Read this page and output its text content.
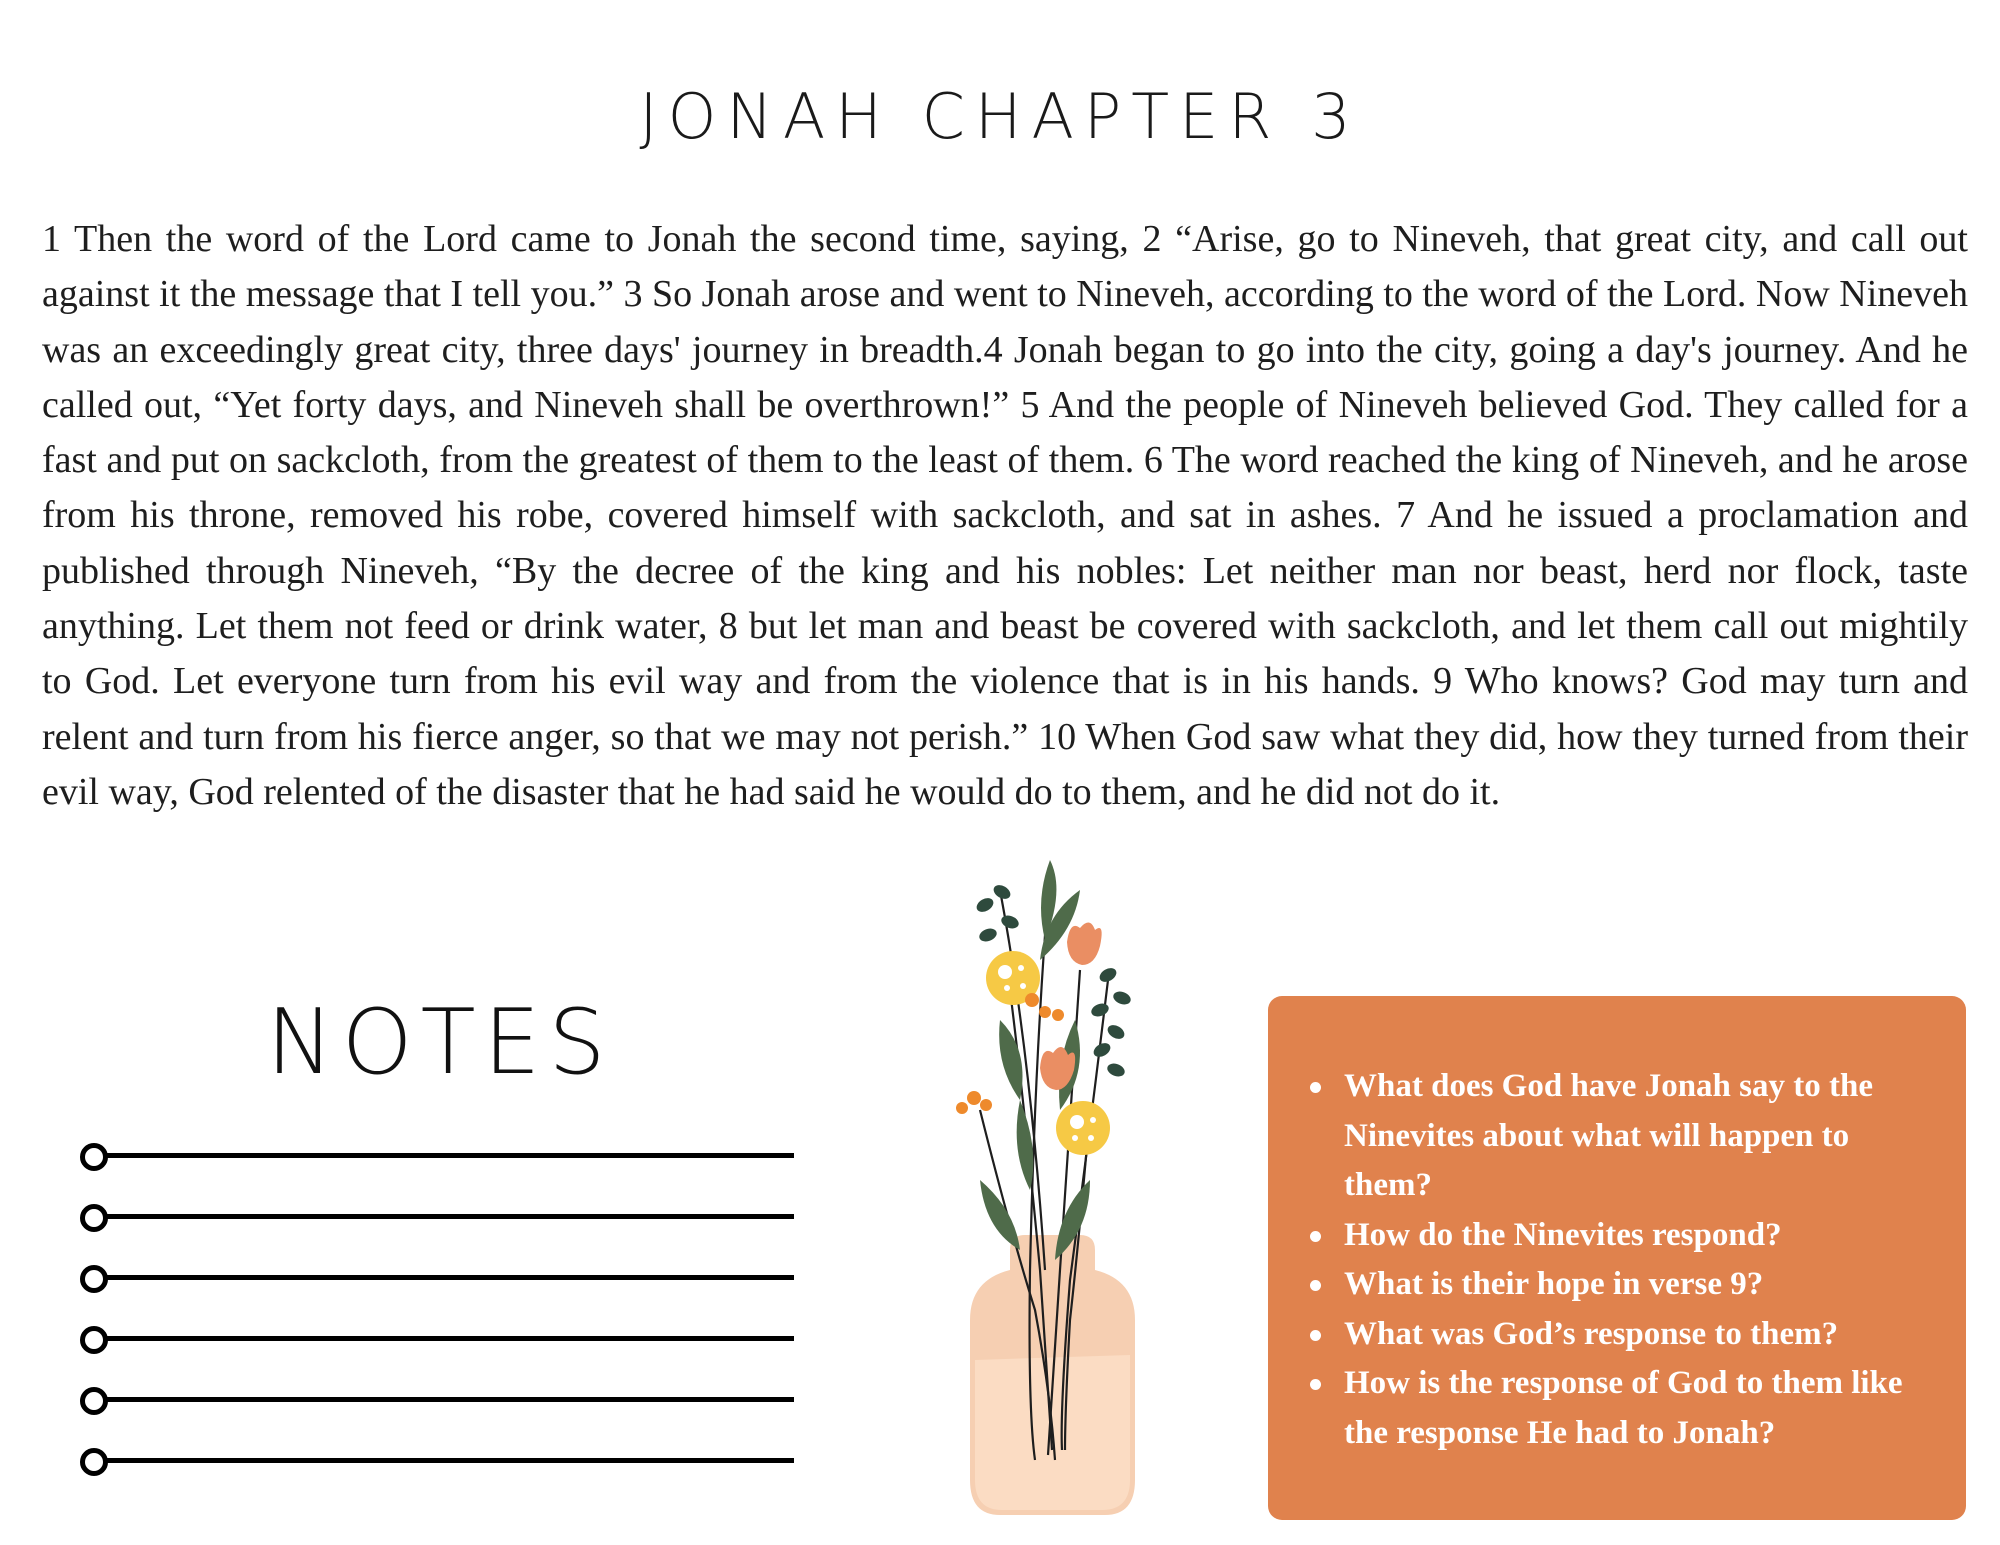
JONAH CHAPTER 3

1 Then the word of the Lord came to Jonah the second time, saying, 2 “Arise, go to Nineveh, that great city, and call out against it the message that I tell you.” 3 So Jonah arose and went to Nineveh, according to the word of the Lord. Now Nineveh was an exceedingly great city, three days' journey in breadth.4 Jonah began to go into the city, going a day's journey. And he called out, “Yet forty days, and Nineveh shall be overthrown!” 5 And the people of Nineveh believed God. They called for a fast and put on sackcloth, from the greatest of them to the least of them. 6 The word reached the king of Nineveh, and he arose from his throne, removed his robe, covered himself with sackcloth, and sat in ashes. 7 And he issued a proclamation and published through Nineveh, “By the decree of the king and his nobles: Let neither man nor beast, herd nor flock, taste anything. Let them not feed or drink water, 8 but let man and beast be covered with sackcloth, and let them call out mightily to God. Let everyone turn from his evil way and from the violence that is in his hands. 9 Who knows? God may turn and relent and turn from his fierce anger, so that we may not perish.” 10 When God saw what they did, how they turned from their evil way, God relented of the disaster that he had said he would do to them, and he did not do it.

NOTES	What does God have Jonah say to the Ninevites about what will happen to them?
How do the Ninevites respond?
What is their hope in verse 9?
What was God’s response to them?
How is the response of God to them like the response He had to Jonah?
